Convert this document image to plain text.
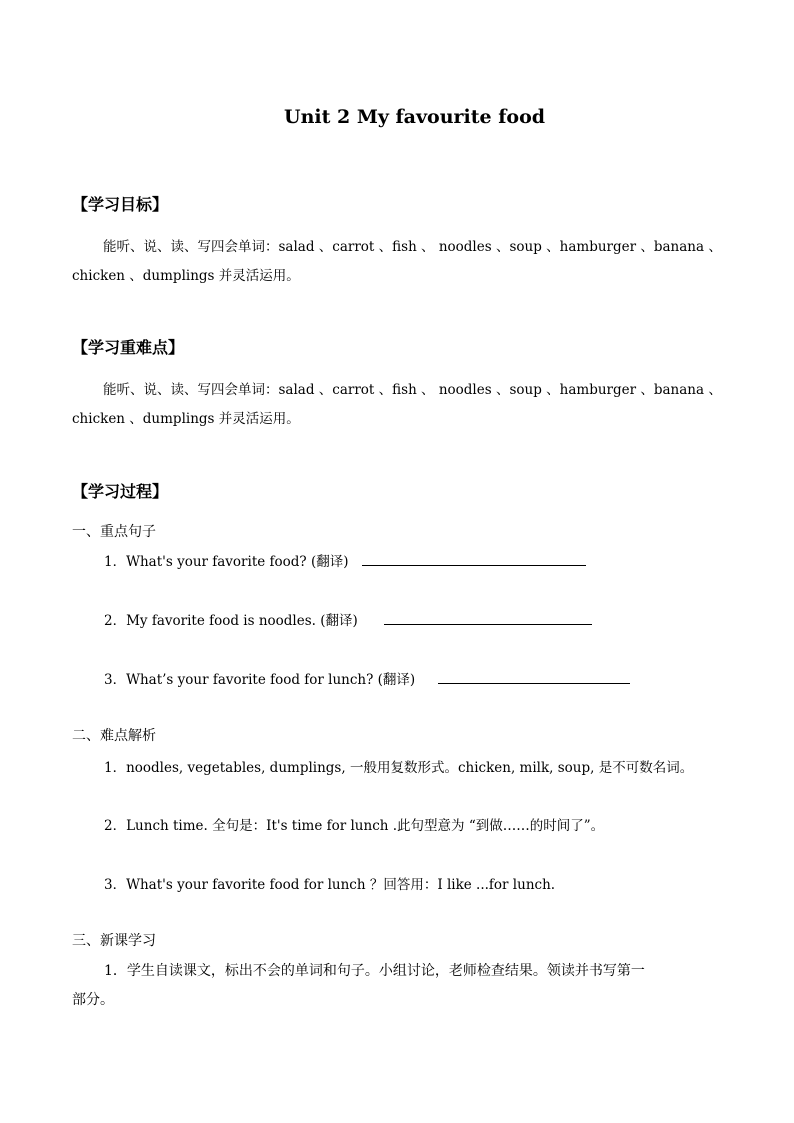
Unit 2 My favourite food
【学习目标】
能听、说、读、写四会单词：salad 、carrot 、fish 、 noodles 、soup 、hamburger 、banana 、
chicken 、dumplings 并灵活运用。
【学习重难点】
能听、说、读、写四会单词：salad 、carrot 、fish 、 noodles 、soup 、hamburger 、banana 、
chicken 、dumplings 并灵活运用。
【学习过程】
一、重点句子
1．What's your favorite food? (翻译)
2．My favorite food is noodles. (翻译)
3．What’s your favorite food for lunch? (翻译)
二、难点解析
1．noodles, vegetables, dumplings, 一般用复数形式。chicken, milk, soup, 是不可数名词。
2．Lunch time. 全句是：It's time for lunch .此句型意为 “到做……的时间了”。
3．What's your favorite food for lunch ？回答用：I like ...for lunch.
三、新课学习
1．学生自读课文，标出不会的单词和句子。小组讨论，老师检查结果。领读并书写第一
部分。
